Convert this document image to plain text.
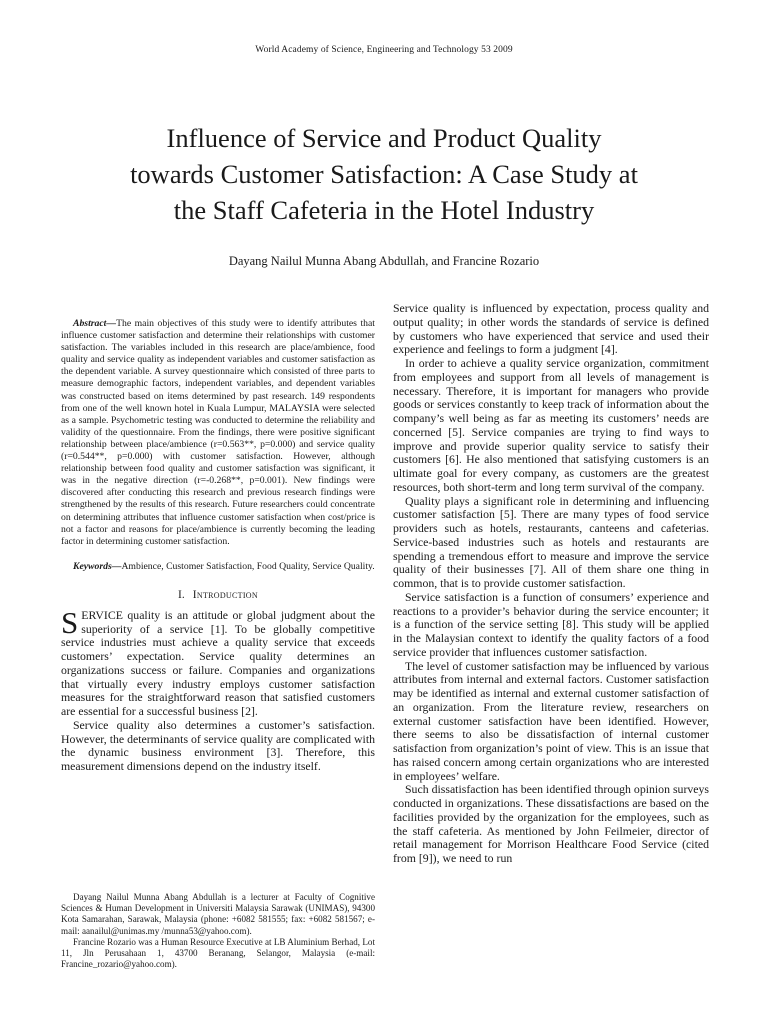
World Academy of Science, Engineering and Technology 53 2009
Influence of Service and Product Quality
towards Customer Satisfaction: A Case Study at
the Staff Cafeteria in the Hotel Industry
Dayang Nailul Munna Abang Abdullah, and Francine Rozario

Abstract—The main objectives of this study were to identify attributes that influence customer satisfaction and determine their relationships with customer satisfaction. The variables included in this research are place/ambience, food quality and service quality as independent variables and customer satisfaction as the dependent variable. A survey questionnaire which consisted of three parts to measure demographic factors, independent variables, and dependent variables was constructed based on items determined by past research. 149 respondents from one of the well known hotel in Kuala Lumpur, MALAYSIA were selected as a sample. Psychometric testing was conducted to determine the reliability and validity of the questionnaire. From the findings, there were positive significant relationship between place/ambience (r=0.563**, p=0.000) and service quality (r=0.544**, p=0.000) with customer satisfaction. However, although relationship between food quality and customer satisfaction was significant, it was in the negative direction (r=-0.268**, p=0.001). New findings were discovered after conducting this research and previous research findings were strengthened by the results of this research. Future researchers could concentrate on determining attributes that influence customer satisfaction when cost/price is not a factor and reasons for place/ambience is currently becoming the leading factor in determining customer satisfaction.

Keywords—Ambience, Customer Satisfaction, Food Quality, Service Quality.

I. Introduction

SERVICE quality is an attitude or global judgment about the superiority of a service [1]. To be globally competitive service industries must achieve a quality service that exceeds customers’ expectation. Service quality determines an organizations success or failure. Companies and organizations that virtually every industry employs customer satisfaction measures for the straightforward reason that satisfied customers are essential for a successful business [2].

Service quality also determines a customer’s satisfaction. However, the determinants of service quality are complicated with the dynamic business environment [3]. Therefore, this measurement dimensions depend on the industry itself.

Service quality is influenced by expectation, process quality and output quality; in other words the standards of service is defined by customers who have experienced that service and used their experience and feelings to form a judgment [4].

In order to achieve a quality service organization, commitment from employees and support from all levels of management is necessary. Therefore, it is important for managers who provide goods or services constantly to keep track of information about the company’s well being as far as meeting its customers’ needs are concerned [5]. Service companies are trying to find ways to improve and provide superior quality service to satisfy their customers [6]. He also mentioned that satisfying customers is an ultimate goal for every company, as customers are the greatest resources, both short-term and long term survival of the company.

Quality plays a significant role in determining and influencing customer satisfaction [5]. There are many types of food service providers such as hotels, restaurants, canteens and cafeterias. Service-based industries such as hotels and restaurants are spending a tremendous effort to measure and improve the service quality of their businesses [7]. All of them share one thing in common, that is to provide customer satisfaction.

Service satisfaction is a function of consumers’ experience and reactions to a provider’s behavior during the service encounter; it is a function of the service setting [8]. This study will be applied in the Malaysian context to identify the quality factors of a food service provider that influences customer satisfaction.

The level of customer satisfaction may be influenced by various attributes from internal and external factors. Customer satisfaction may be identified as internal and external customer satisfaction of an organization. From the literature review, researchers on external customer satisfaction have been identified. However, there seems to also be dissatisfaction of internal customer satisfaction from organization’s point of view. This is an issue that has raised concern among certain organizations who are interested in employees’ welfare.

Such dissatisfaction has been identified through opinion surveys conducted in organizations. These dissatisfactions are based on the facilities provided by the organization for the employees, such as the staff cafeteria. As mentioned by John Feilmeier, director of retail management for Morrison Healthcare Food Service (cited from [9]), we need to run

Dayang Nailul Munna Abang Abdullah is a lecturer at Faculty of Cognitive Sciences & Human Development in Universiti Malaysia Sarawak (UNIMAS), 94300 Kota Samarahan, Sarawak, Malaysia (phone: +6082 581555; fax: +6082 581567; e-mail: aanailul@unimas.my /munna53@yahoo.com).

Francine Rozario was a Human Resource Executive at LB Aluminium Berhad, Lot 11, Jln Perusahaan 1, 43700 Beranang, Selangor, Malaysia (e-mail: Francine_rozario@yahoo.com).
